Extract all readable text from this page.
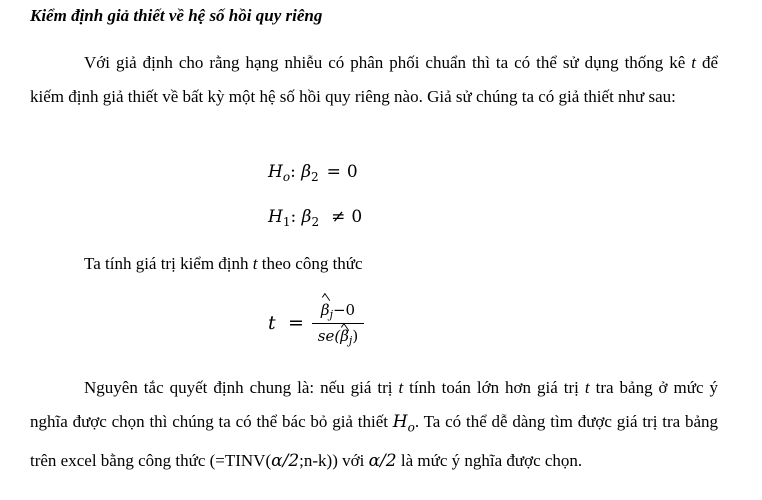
Kiểm định giả thiết về hệ số hồi quy riêng

Với giả định cho rằng hạng nhiễu có phân phối chuẩn thì ta có thể sử dụng thống kê t để kiếm định giả thiết về bất kỳ một hệ số hồi quy riêng nào. Giả sử chúng ta có giả thiết như sau:

$H_o$: $\beta_2 = 0$
$H_1$: $\beta_2 \ne 0$

Ta tính giá trị kiểm định t theo công thức

t =
$\beta_j-0$
$se(\beta_j)$

Nguyên tắc quyết định chung là: nếu giá trị t tính toán lớn hơn giá trị t tra bảng ở mức ý nghĩa được chọn thì chúng ta có thể bác bỏ giả thiết $H_o$. Ta có thể dễ dàng tìm được giá trị tra bảng trên excel bằng công thức (=TINV(α/2;n-k)) với α/2 là mức ý nghĩa được chọn.
